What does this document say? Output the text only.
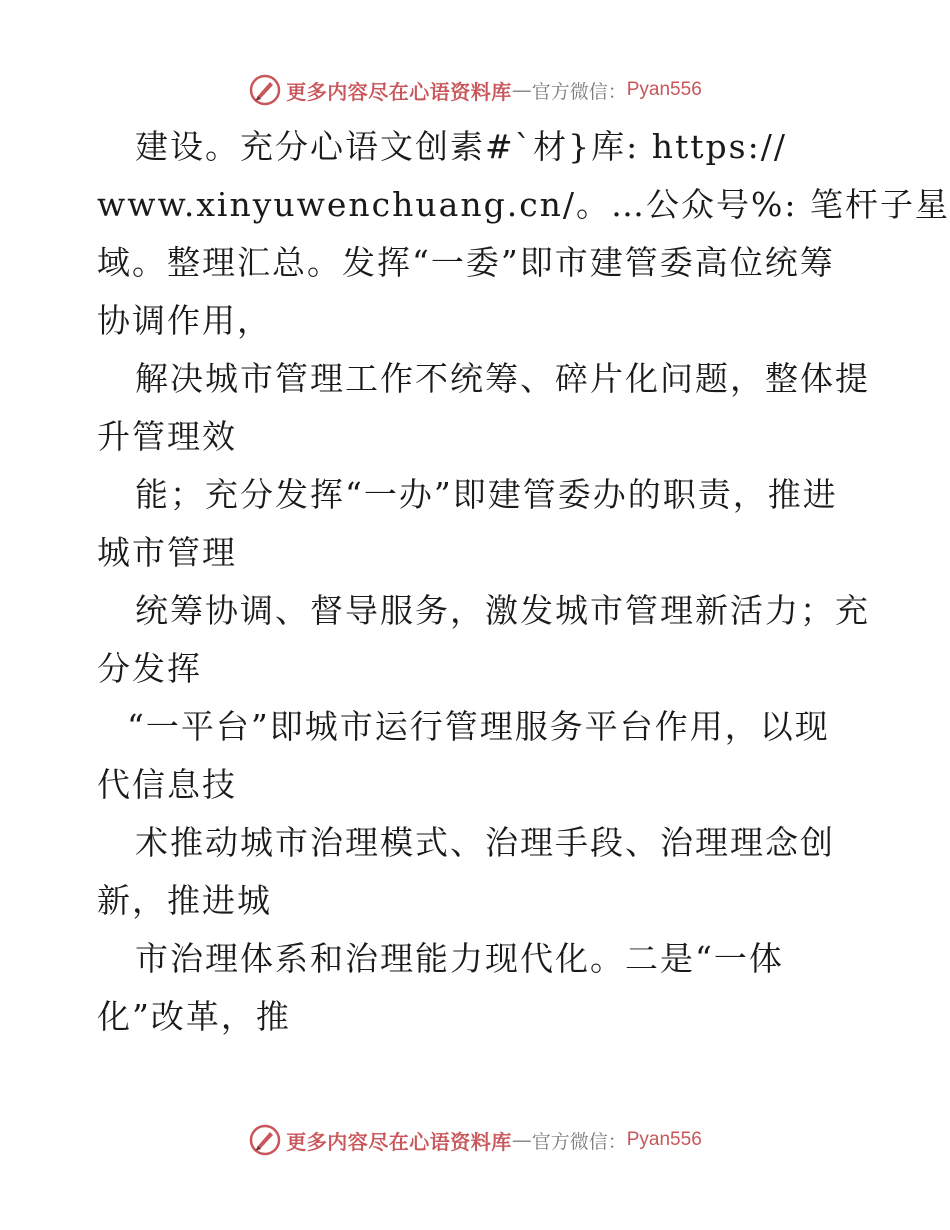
更多内容尽在心语资料库 — 官方微信： Pyan556
建设。充分心语文创素#`材}库: https://
www.xinyuwenchuang.cn/。…公众号%: 笔杆子星
域。整理汇总。发挥“一委”即市建管委高位统筹
协调作用，
解决城市管理工作不统筹、碎片化问题，整体提
升管理效
能；充分发挥“一办”即建管委办的职责，推进
城市管理
统筹协调、督导服务，激发城市管理新活力；充
分发挥
“一平台”即城市运行管理服务平台作用，以现
代信息技
术推动城市治理模式、治理手段、治理理念创
新，推进城
市治理体系和治理能力现代化。二是“一体
化”改革，推
更多内容尽在心语资料库 — 官方微信： Pyan556
